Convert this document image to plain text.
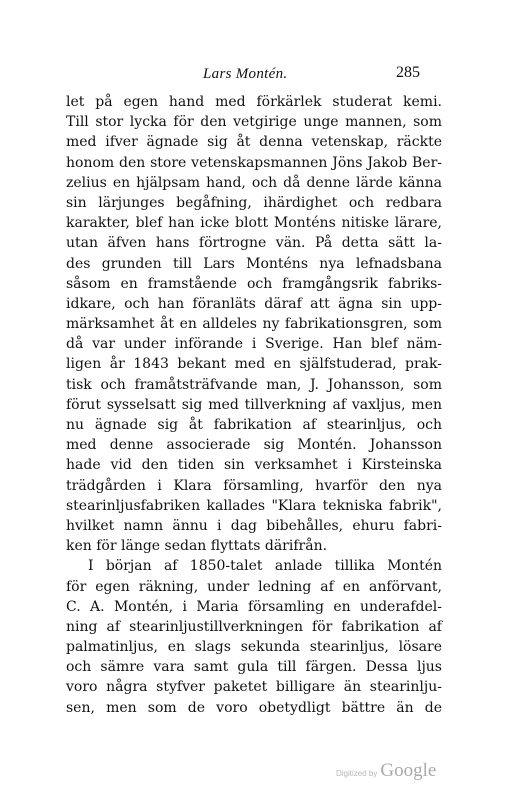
Lars Montén.	285
let på egen hand med förkärlek studerat kemi.
Till stor lycka för den vetgirige unge mannen, som
med ifver ägnade sig åt denna vetenskap, räckte
honom den store vetenskapsmannen Jöns Jakob Ber-
zelius en hjälpsam hand, och då denne lärde känna
sin lärjunges begåfning, ihärdighet och redbara
karakter, blef han icke blott Monténs nitiske lärare,
utan äfven hans förtrogne vän. På detta sätt la-
des grunden till Lars Monténs nya lefnadsbana
såsom en framstående och framgångsrik fabriks-
idkare, och han föranläts däraf att ägna sin upp-
märksamhet åt en alldeles ny fabrikationsgren, som
då var under införande i Sverige. Han blef näm-
ligen år 1843 bekant med en själfstuderad, prak-
tisk och framåtsträfvande man, J. Johansson, som
förut sysselsatt sig med tillverkning af vaxljus, men
nu ägnade sig åt fabrikation af stearinljus, och
med denne associerade sig Montén. Johansson
hade vid den tiden sin verksamhet i Kirsteinska
trädgården i Klara församling, hvarför den nya
stearinljusfabriken kallades "Klara tekniska fabrik",
hvilket namn ännu i dag bibehålles, ehuru fabri-
ken för länge sedan flyttats därifrån.
I början af 1850-talet anlade tillika Montén
för egen räkning, under ledning af en anförvant,
C. A. Montén, i Maria församling en underafdel-
ning af stearinljustillverkningen för fabrikation af
palmatinljus, en slags sekunda stearinljus, lösare
och sämre vara samt gula till färgen. Dessa ljus
voro några styfver paketet billigare än stearinlju-
sen, men som de voro obetydligt bättre än de
Digitized by Google
